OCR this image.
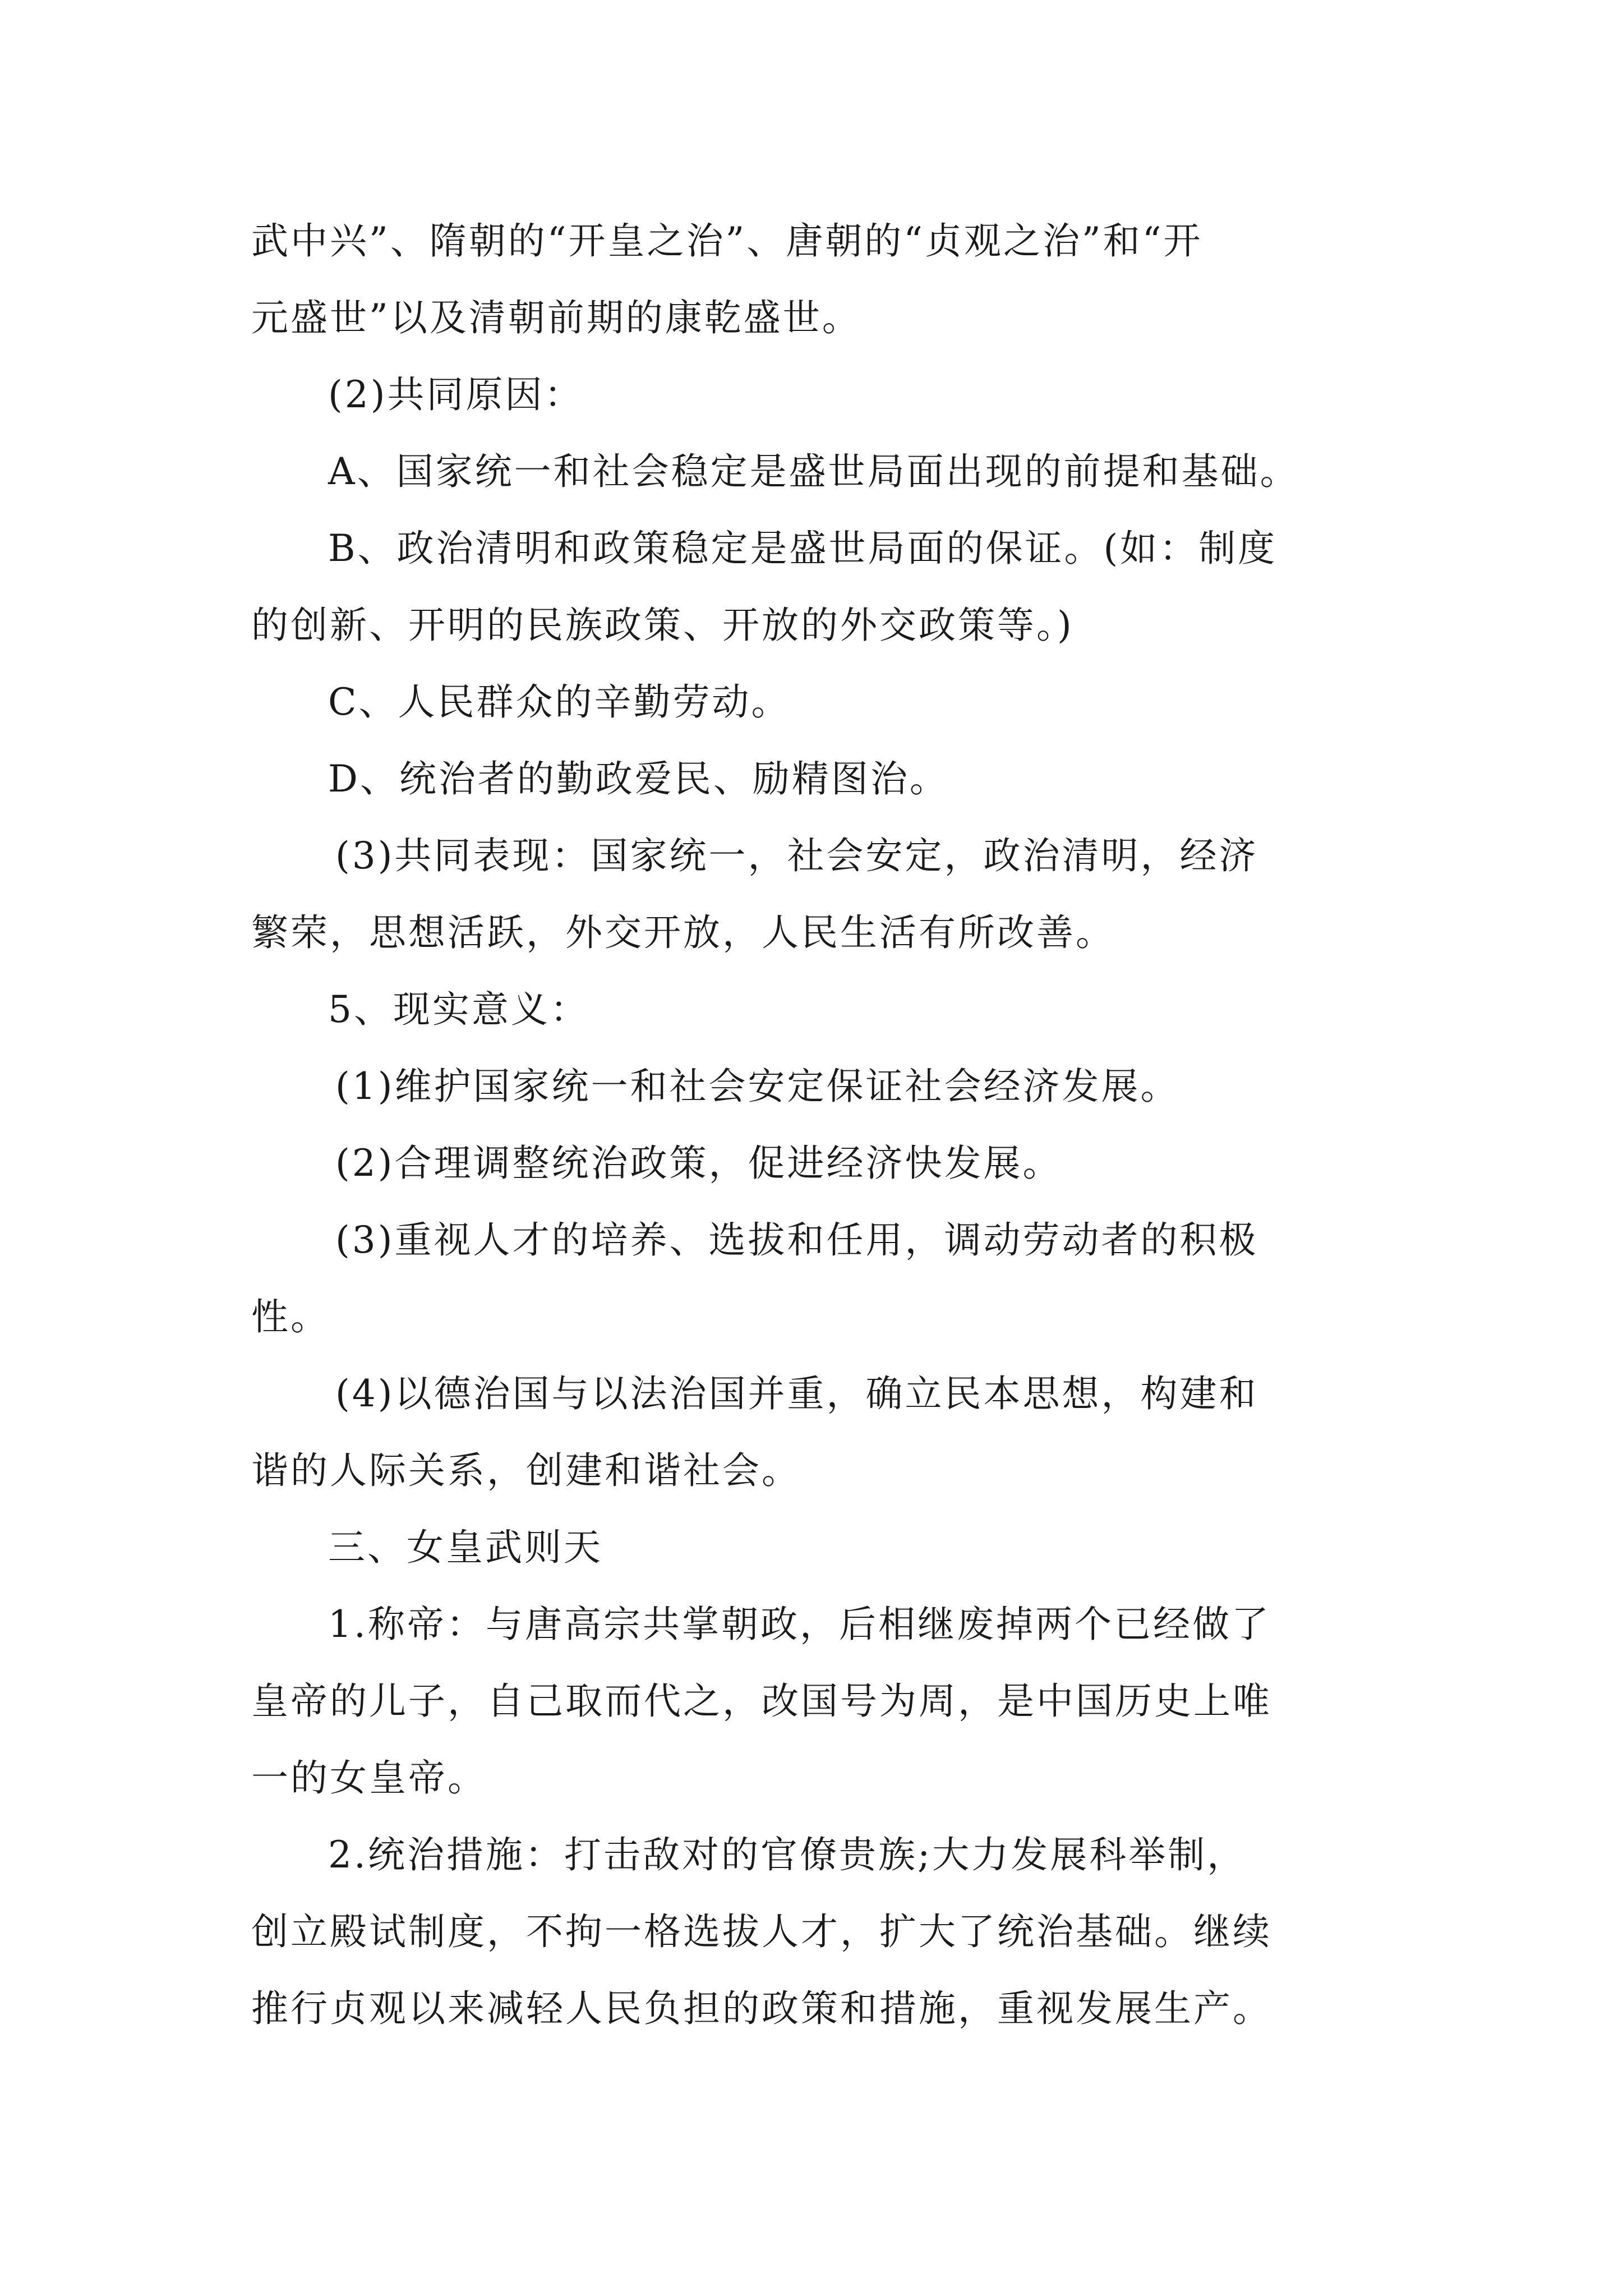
武中兴”、隋朝的“开皇之治”、唐朝的“贞观之治”和“开

元盛世”以及清朝前期的康乾盛世。

(2)共同原因：

A、国家统一和社会稳定是盛世局面出现的前提和基础。

B、政治清明和政策稳定是盛世局面的保证。(如：制度

的创新、开明的民族政策、开放的外交政策等。)

C、人民群众的辛勤劳动。

D、统治者的勤政爱民、励精图治。

(3)共同表现：国家统一，社会安定，政治清明，经济

繁荣，思想活跃，外交开放，人民生活有所改善。

5、现实意义：

(1)维护国家统一和社会安定保证社会经济发展。

(2)合理调整统治政策，促进经济快发展。

(3)重视人才的培养、选拔和任用，调动劳动者的积极

性。

(4)以德治国与以法治国并重，确立民本思想，构建和

谐的人际关系，创建和谐社会。

三、女皇武则天

1.称帝：与唐高宗共掌朝政，后相继废掉两个已经做了

皇帝的儿子，自己取而代之，改国号为周，是中国历史上唯

一的女皇帝。

2.统治措施：打击敌对的官僚贵族;大力发展科举制，

创立殿试制度，不拘一格选拔人才，扩大了统治基础。继续

推行贞观以来减轻人民负担的政策和措施，重视发展生产。
